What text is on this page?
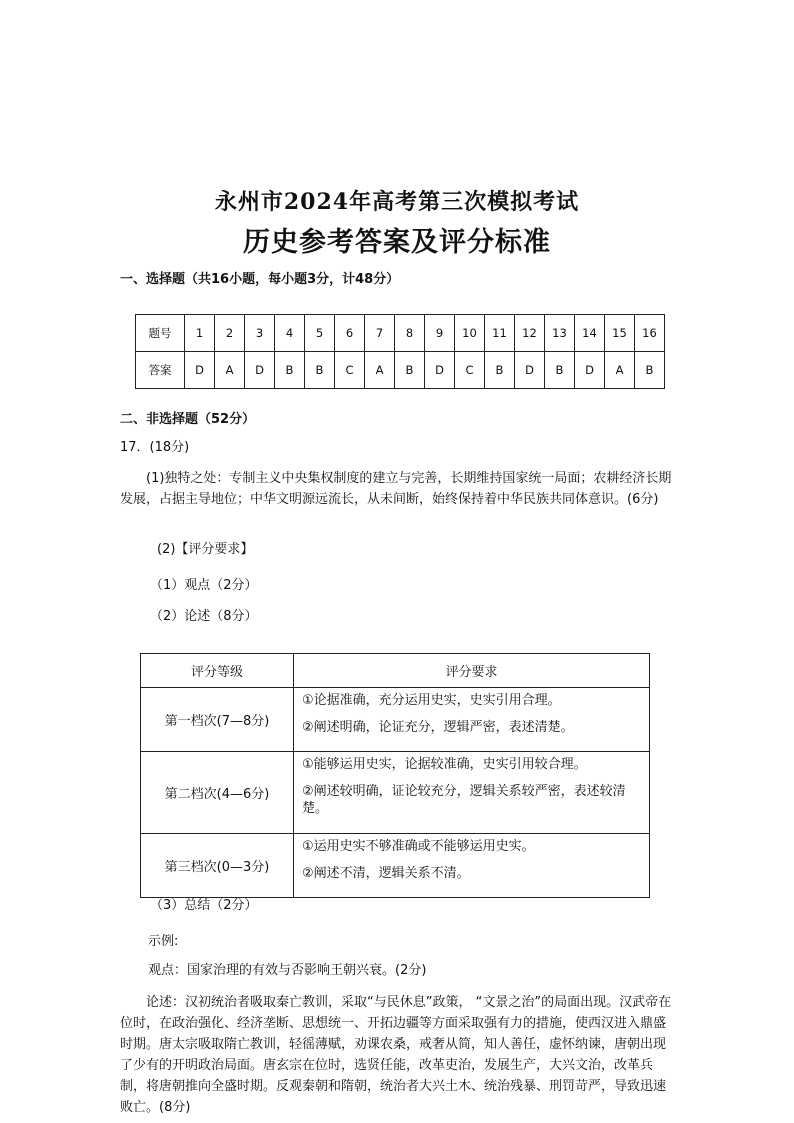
永州市2024年高考第三次模拟考试
历史参考答案及评分标准
一、选择题（共16小题，每小题3分，计48分）
题号	1	2	3	4	5	6	7	8	9	10	11	12	13	14	15	16
答案	D	A	D	B	B	C	A	B	D	C	B	D	B	D	A	B
二、非选择题（52分）
17．(18分)
(1)独特之处：专制主义中央集权制度的建立与完善，长期维持国家统一局面；农耕经济长期发展，占据主导地位；中华文明源远流长，从未间断，始终保持着中华民族共同体意识。(6分)
(2)【评分要求】
（1）观点（2分）
（2）论述（8分）
评分等级	评分要求
第一档次(7—8分)	①论据准确，充分运用史实，史实引用合理。
②阐述明确，论证充分，逻辑严密，表述清楚。

第二档次(4—6分)	①能够运用史实，论据较准确，史实引用较合理。
②阐述较明确，证论较充分，逻辑关系较严密，表述较清楚。

第三档次(0—3分)	①运用史实不够准确或不能够运用史实。
②阐述不清，逻辑关系不清。
（3）总结（2分）
示例:
观点：国家治理的有效与否影响王朝兴衰。(2分)
论述：汉初统治者吸取秦亡教训，采取“与民休息”政策， “文景之治”的局面出现。汉武帝在位时，在政治强化、经济垄断、思想统一、开拓边疆等方面采取强有力的措施，使西汉进入鼎盛时期。唐太宗吸取隋亡教训，轻徭薄赋，劝课农桑，戒奢从简，知人善任，虚怀纳谏，唐朝出现了少有的开明政治局面。唐玄宗在位时，选贤任能，改革吏治，发展生产，大兴文治，改革兵制，将唐朝推向全盛时期。反观秦朝和隋朝，统治者大兴土木、统治残暴、刑罚苛严，导致迅速败亡。(8分)
